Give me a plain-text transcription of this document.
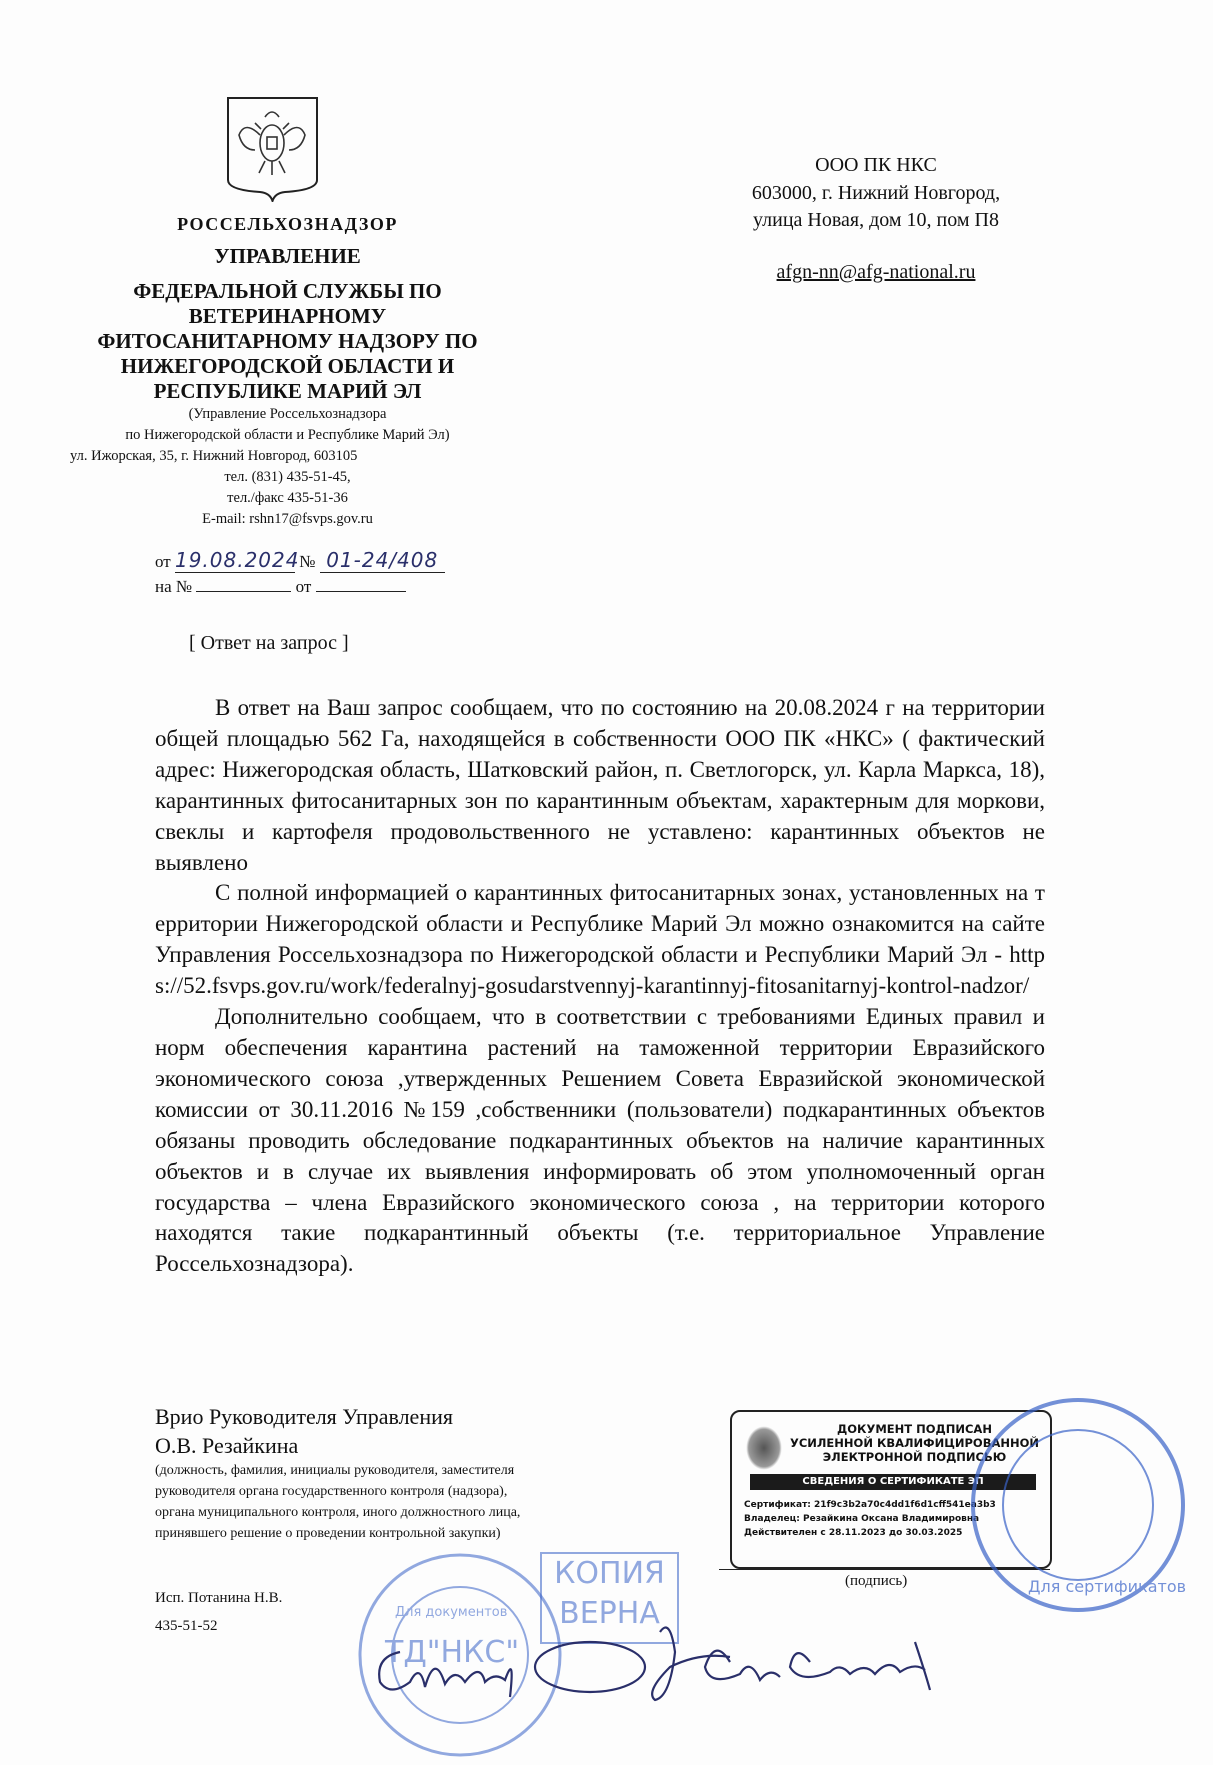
РОССЕЛЬХОЗНАДЗОР
УПРАВЛЕНИЕ
ФЕДЕРАЛЬНОЙ СЛУЖБЫ ПО
ВЕТЕРИНАРНОМУ
ФИТОСАНИТАРНОМУ НАДЗОРУ ПО
НИЖЕГОРОДСКОЙ ОБЛАСТИ И
РЕСПУБЛИКЕ МАРИЙ ЭЛ
(Управление Россельхознадзора
по Нижегородской области и Республике Марий Эл)
ул. Ижорская, 35, г. Нижний Новгород, 603105
тел. (831) 435-51-45,
тел./факс 435-51-36
E-mail: rshn17@fsvps.gov.ru
от 19.08.2024 № 01-24/408
на №	от
[ Ответ на запрос ]
ООО ПК НКС
603000, г. Нижний Новгород,
улица Новая, дом 10, пом П8
afgn-nn@afg-national.ru

В ответ на Ваш запрос сообщаем, что по состоянию на 20.08.2024 г на территории общей площадью 562 Га, находящейся в собственности ООО ПК «НКС» ( фактический адрес: Нижегородская область, Шатковский район, п. Светлогорск, ул. Карла Маркса, 18), карантинных фитосанитарных зон по карантинным объектам, характерным для моркови, свеклы и картофеля продовольственного не уставлено: карантинных объектов не выявлено

С полной информацией о карантинных фитосанитарных зонах, установленных на территории Нижегородской области и Республике Марий Эл можно ознакомится на сайте Управления Россельхознадзора по Нижегородской области и Республики Марий Эл - https://52.fsvps.gov.ru/work/federalnyj-gosudarstvennyj-karantinnyj-fitosanitarnyj-kontrol-nadzor/

Дополнительно сообщаем, что в соответствии с требованиями Единых правил и норм обеспечения карантина растений на таможенной территории Евразийского экономического союза ,утвержденных Решением Совета Евразийской экономической комиссии от 30.11.2016 №159 ,собственники (пользователи) подкарантинных объектов обязаны проводить обследование подкарантинных объектов на наличие карантинных объектов и в случае их выявления информировать об этом уполномоченный орган государства – члена Евразийского экономического союза , на территории которого находятся такие подкарантинный объекты (т.е. территориальное Управление Россельхознадзора).

Врио Руководителя Управления
О.В. Резайкина
(должность, фамилия, инициалы руководителя, заместителя
руководителя органа государственного контроля (надзора),
органа муниципального контроля, иного должностного лица,
принявшего решение о проведении контрольной закупки)
Исп. Потанина Н.В.
435-51-52
ТД"НКС"
Для документов
КОПИЯ
ВЕРНА
ДОКУМЕНТ ПОДПИСАН
УСИЛЕННОЙ КВАЛИФИЦИРОВАННОЙ
ЭЛЕКТРОННОЙ ПОДПИСЬЮ
СВЕДЕНИЯ О СЕРТИФИКАТЕ ЭП
Сертификат: 21f9c3b2a70c4dd1f6d1cff541ea3b3
Владелец: Резайкина Оксана Владимировна
Действителен с 28.11.2023 до 30.03.2025
(подпись)	Для сертификатов
